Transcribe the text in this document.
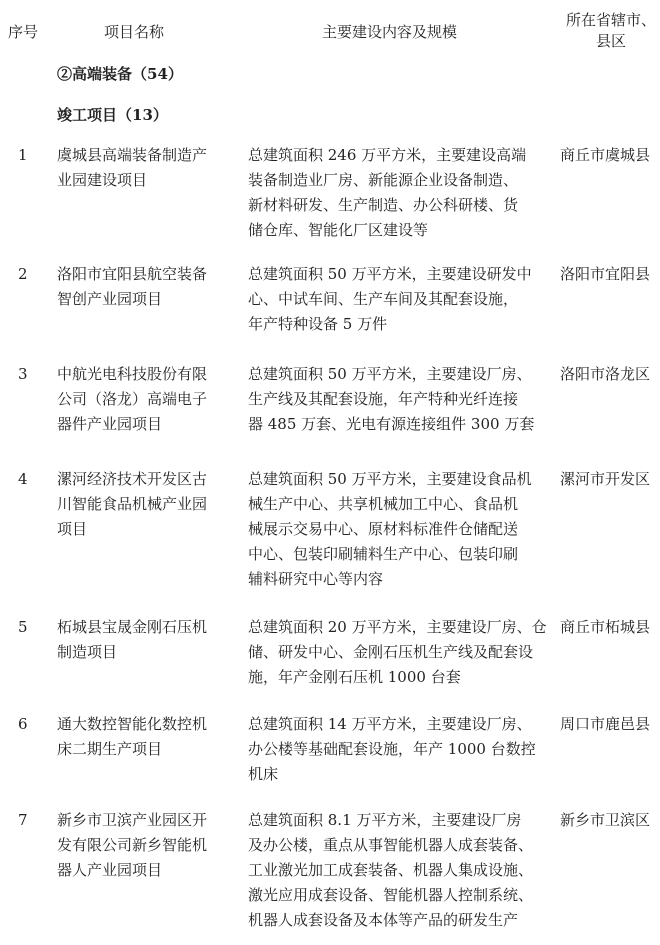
序号	项目名称	主要建设内容及规模
所在省辖市、
县区
②高端装备（54）
竣工项目（13）
1 虞城县高端装备制造产
业园建设项目
总建筑面积 246 万平方米，主要建设高端
装备制造业厂房、新能源企业设备制造、
新材料研发、生产制造、办公科研楼、货
储仓库、智能化厂区建设等
商丘市虞城县
2 洛阳市宜阳县航空装备
智创产业园项目
总建筑面积 50 万平方米，主要建设研发中
心、中试车间、生产车间及其配套设施，
年产特种设备 5 万件
洛阳市宜阳县
3 中航光电科技股份有限
公司（洛龙）高端电子
器件产业园项目
总建筑面积 50 万平方米，主要建设厂房、
生产线及其配套设施，年产特种光纤连接
器 485 万套、光电有源连接组件 300 万套
洛阳市洛龙区
4 漯河经济技术开发区古
川智能食品机械产业园
项目
总建筑面积 50 万平方米，主要建设食品机
械生产中心、共享机械加工中心、食品机
械展示交易中心、原材料标准件仓储配送
中心、包装印刷辅料生产中心、包装印刷
辅料研究中心等内容
漯河市开发区
5 柘城县宝晟金刚石压机
制造项目
总建筑面积 20 万平方米，主要建设厂房、仓
储、研发中心、金刚石压机生产线及配套设
施，年产金刚石压机 1000 台套
商丘市柘城县
6 通大数控智能化数控机
床二期生产项目
总建筑面积 14 万平方米，主要建设厂房、
办公楼等基础配套设施，年产 1000 台数控
机床
周口市鹿邑县
7 新乡市卫滨产业园区开
发有限公司新乡智能机
器人产业园项目
总建筑面积 8.1 万平方米，主要建设厂房
及办公楼，重点从事智能机器人成套装备、
工业激光加工成套装备、机器人集成设施、
激光应用成套设备、智能机器人控制系统、
机器人成套设备及本体等产品的研发生产
新乡市卫滨区
